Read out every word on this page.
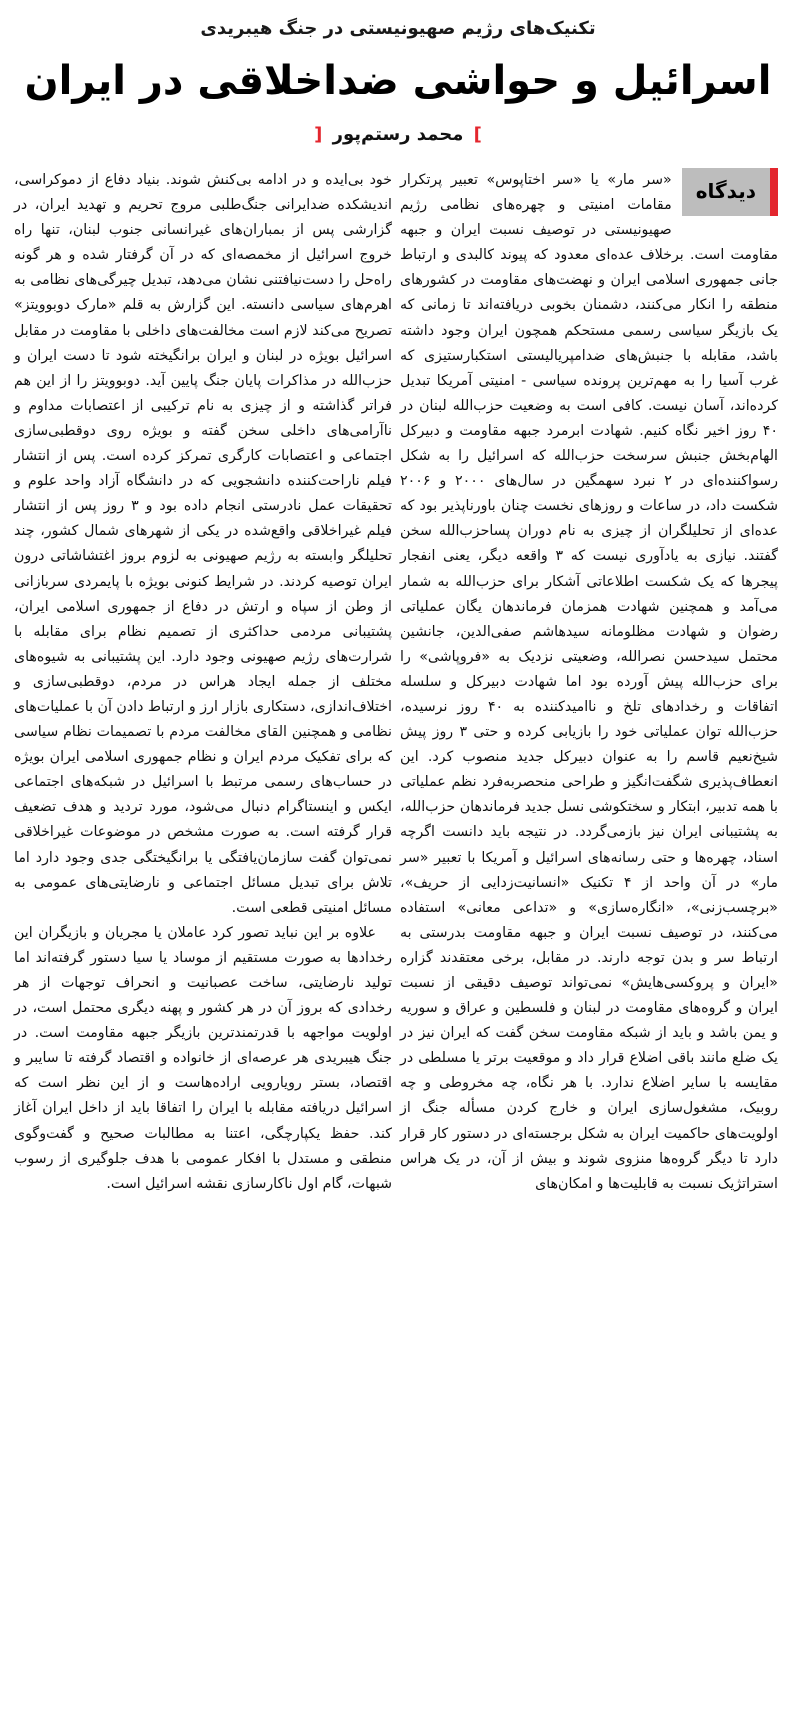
تکنیک‌های رژیم صهیونیستی در جنگ هیبریدی
اسرائیل و حواشی ضداخلاقی در ایران
] محمد رستم‌پور [
دیدگاه

«سر مار» یا «سر اختاپوس» تعبیر پرتکرار مقامات امنیتی و چهره‌های نظامی رژیم صهیونیستی در توصیف نسبت ایران و جبهه مقاومت است. برخلاف عده‌ای معدود که پیوند کالبدی و ارتباط جانی جمهوری اسلامی ایران و نهضت‌های مقاومت در کشورهای منطقه را انکار می‌کنند، دشمنان بخوبی دریافته‌اند تا زمانی که یک بازیگر سیاسی رسمی مستحکم همچون ایران وجود داشته باشد، مقابله با جنبش‌های ضدامپریالیستی استکبارستیزی که غرب آسیا را به مهم‌ترین پرونده سیاسی - امنیتی آمریکا تبدیل کرده‌اند، آسان نیست. کافی است به وضعیت حزب‌الله لبنان در ۴۰ روز اخیر نگاه کنیم. شهادت ابرمرد جبهه مقاومت و دبیرکل الهام‌بخش جنبش سرسخت حزب‌الله که اسرائیل را به شکل رسواکننده‌ای در ۲ نبرد سهمگین در سال‌های ۲۰۰۰ و ۲۰۰۶ شکست داد، در ساعات و روزهای نخست چنان باورناپذیر بود که عده‌ای از تحلیلگران از چیزی به نام دوران پساحزب‌الله سخن گفتند. نیازی به یادآوری نیست که ۳ واقعه دیگر، یعنی انفجار پیجرها که یک شکست اطلاعاتی آشکار برای حزب‌الله به شمار می‌آمد و همچنین شهادت همزمان فرماندهان یگان عملیاتی رضوان و شهادت مظلومانه سیدهاشم صفی‌الدین، جانشین محتمل سیدحسن نصرالله، وضعیتی نزدیک به «فروپاشی» را برای حزب‌الله پیش آورده بود اما شهادت دبیرکل و سلسله اتفاقات و رخدادهای تلخ و ناامیدکننده به ۴۰ روز نرسیده، حزب‌الله توان عملیاتی خود را بازیابی کرده و حتی ۳ روز پیش شیخ‌نعیم قاسم را به عنوان دبیرکل جدید منصوب کرد. این انعطاف‌پذیری شگفت‌انگیز و طراحی منحصربه‌فرد نظم عملیاتی با همه تدبیر، ابتکار و سختکوشی نسل جدید فرماندهان حزب‌الله، به پشتیبانی ایران نیز بازمی‌گردد. در نتیجه باید دانست اگرچه اسناد، چهره‌ها و حتی رسانه‌های اسرائیل و آمریکا با تعبیر «سر مار» در آن واحد از ۴ تکنیک «انسانیت‌زدایی از حریف»، «برچسب‌زنی»، «انگاره‌سازی» و «تداعی معانی» استفاده می‌کنند، در توصیف نسبت ایران و جبهه مقاومت بدرستی به ارتباط سر و بدن توجه دارند. در مقابل، برخی معتقدند گزاره «ایران و پروکسی‌هایش» نمی‌تواند توصیف دقیقی از نسبت ایران و گروه‌های مقاومت در لبنان و فلسطین و عراق و سوریه و یمن باشد و باید از شبکه مقاومت سخن گفت که ایران نیز در یک ضلع مانند باقی اضلاع قرار داد و موقعیت برتر یا مسلطی در مقایسه با سایر اضلاع ندارد. با هر نگاه، چه مخروطی و چه روبیک، مشغول‌سازی ایران و خارج کردن مسأله جنگ از اولویت‌های حاکمیت ایران به شکل برجسته‌ای در دستور کار قرار دارد تا دیگر گروه‌ها منزوی شوند و بیش از آن، در یک هراس استراتژیک نسبت به قابلیت‌ها و امکان‌های

خود بی‌ایده و در ادامه بی‌کنش شوند. بنیاد دفاع از دموکراسی، اندیشکده ضدایرانی جنگ‌طلبی مروج تحریم و تهدید ایران، در گزارشی پس از بمباران‌های غیرانسانی جنوب لبنان، تنها راه خروج اسرائیل از مخمصه‌ای که در آن گرفتار شده و هر گونه راه‌حل را دست‌نیافتنی نشان می‌دهد، تبدیل چیرگی‌های نظامی به اهرم‌های سیاسی دانسته. این گزارش به قلم «مارک دوبوویتز» تصریح می‌کند لازم است مخالفت‌های داخلی با مقاومت در مقابل اسرائیل بویژه در لبنان و ایران برانگیخته شود تا دست ایران و حزب‌الله در مذاکرات پایان جنگ پایین آید. دوبوویتز را از این هم فراتر گذاشته و از چیزی به نام ترکیبی از اعتصابات مداوم و ناآرامی‌های داخلی سخن گفته و بویژه روی دوقطبی‌سازی اجتماعی و اعتصابات کارگری تمرکز کرده است. پس از انتشار فیلم ناراحت‌کننده دانشجویی که در دانشگاه آزاد واحد علوم و تحقیقات عمل نادرستی انجام داده بود و ۳ روز پس از انتشار فیلم غیراخلاقی واقع‌شده در یکی از شهرهای شمال کشور، چند تحلیلگر وابسته به رژیم صهیونی به لزوم بروز اغتشاشاتی درون ایران توصیه کردند. در شرایط کنونی بویژه با پایمردی سربازانی از وطن از سپاه و ارتش در دفاع از جمهوری اسلامی ایران، پشتیبانی مردمی حداکثری از تصمیم نظام برای مقابله با شرارت‌های رژیم صهیونی وجود دارد. این پشتیبانی به شیوه‌های مختلف از جمله ایجاد هراس در مردم، دوقطبی‌سازی و اختلاف‌اندازی، دستکاری بازار ارز و ارتباط دادن آن با عملیات‌های نظامی و همچنین القای مخالفت مردم با تصمیمات نظام سیاسی که برای تفکیک مردم ایران و نظام جمهوری اسلامی ایران بویژه در حساب‌های رسمی مرتبط با اسرائیل در شبکه‌های اجتماعی ایکس و اینستاگرام دنبال می‌شود، مورد تردید و هدف تضعیف قرار گرفته است. به صورت مشخص در موضوعات غیراخلاقی نمی‌توان گفت سازمان‌یافتگی یا برانگیختگی جدی وجود دارد اما تلاش برای تبدیل مسائل اجتماعی و نارضایتی‌های عمومی به مسائل امنیتی قطعی است.

علاوه بر این نباید تصور کرد عاملان یا مجریان و بازیگران این رخدادها به صورت مستقیم از موساد یا سیا دستور گرفته‌اند اما تولید نارضایتی، ساخت عصبانیت و انحراف توجهات از هر رخدادی که بروز آن در هر کشور و پهنه دیگری محتمل است، در اولویت مواجهه با قدرتمندترین بازیگر جبهه مقاومت است. در جنگ هیبریدی هر عرصه‌ای از خانواده و اقتصاد گرفته تا سایبر و اقتصاد، بستر رویارویی اراده‌هاست و از این نظر است که اسرائیل دریافته مقابله با ایران را اتفاقا باید از داخل ایران آغاز کند. حفظ یکپارچگی، اعتنا به مطالبات صحیح و گفت‌وگوی منطقی و مستدل با افکار عمومی با هدف جلوگیری از رسوب شبهات، گام اول ناکارسازی نقشه اسرائیل است.
